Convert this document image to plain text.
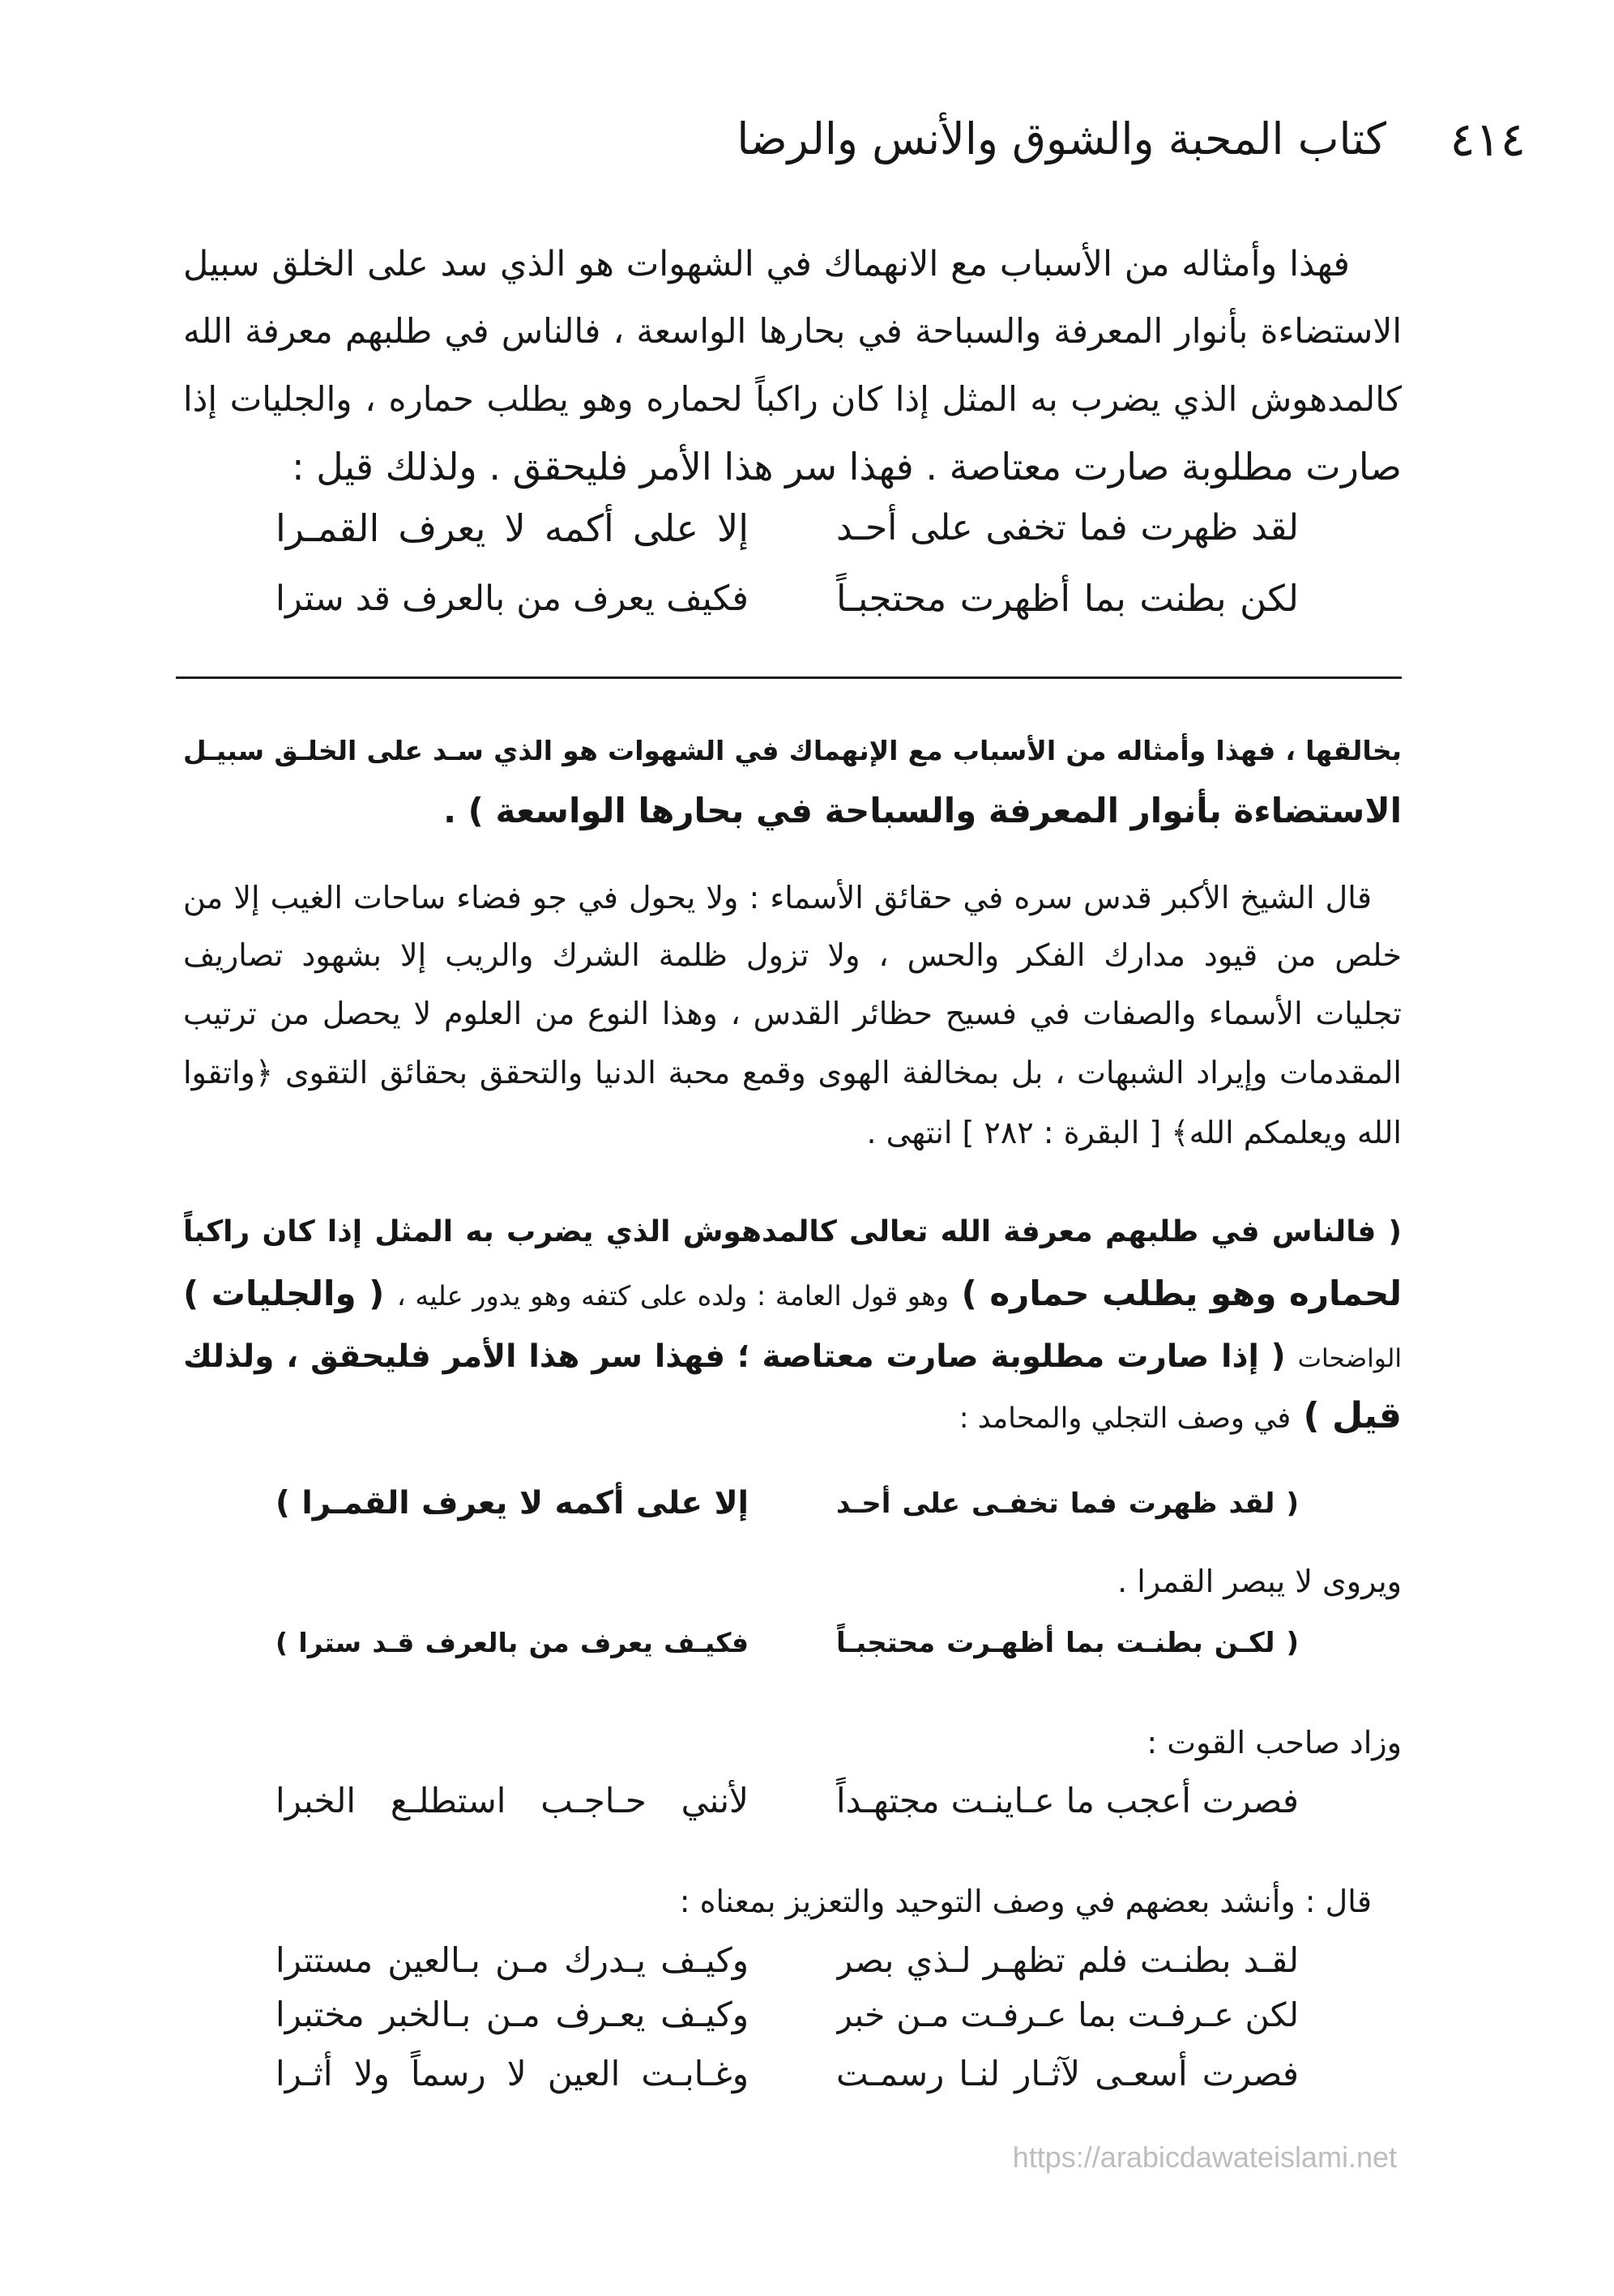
٤١٤
كتاب المحبة والشوق والأنس والرضا
فهذا وأمثاله من الأسباب مع الانهماك في الشهوات هو الذي سد على الخلق سبيل
الاستضاءة بأنوار المعرفة والسباحة في بحارها الواسعة ، فالناس في طلبهم معرفة الله
كالمدهوش الذي يضرب به المثل إذا كان راكباً لحماره وهو يطلب حماره ، والجليات إذا
صارت مطلوبة صارت معتاصة . فهذا سر هذا الأمر فليحقق . ولذلك قيل :
لقد ظهرت فما تخفى على أحـد
إلا على أكمه لا يعرف القمـرا
لكن بطنت بما أظهرت محتجبـاً
فكيف يعرف من بالعرف قد سترا
بخالقها ، فهذا وأمثاله من الأسباب مع الإنهماك في الشهوات هو الذي سـد على الخلـق سبيـل
الاستضاءة بأنوار المعرفة والسباحة في بحارها الواسعة ) .
قال الشيخ الأكبر قدس سره في حقائق الأسماء : ولا يحول في جو فضاء ساحات الغيب إلا من
خلص من قيود مدارك الفكر والحس ، ولا تزول ظلمة الشرك والريب إلا بشهود تصاريف
تجليات الأسماء والصفات في فسيح حظائر القدس ، وهذا النوع من العلوم لا يحصل من ترتيب
المقدمات وإيراد الشبهات ، بل بمخالفة الهوى وقمع محبة الدنيا والتحقق بحقائق التقوى ﴿واتقوا
الله ويعلمكم الله﴾ [ البقرة : ٢٨٢ ] انتهى .
( فالناس في طلبهم معرفة الله تعالى كالمدهوش الذي يضرب به المثل إذا كان راكباً
لحماره وهو يطلب حماره ) وهو قول العامة : ولده على كتفه وهو يدور عليه ، ( والجليات )
الواضحات ( إذا صارت مطلوبة صارت معتاصة ؛ فهذا سر هذا الأمر فليحقق ، ولذلك
قيل ) في وصف التجلي والمحامد :
( لقد ظهرت فما تخفـى على أحـد
إلا على أكمه لا يعرف القمـرا )
ويروى لا يبصر القمرا .
( لكـن بطنـت بما أظهـرت محتجبـاً
فكيـف يعرف من بالعرف قـد سترا )
وزاد صاحب القوت :
فصرت أعجب ما عـاينـت مجتهـداً
لأنني حـاجـب استطلـع الخبرا
قال : وأنشد بعضهم في وصف التوحيد والتعزيز بمعناه :
لقـد بطنـت فلم تظهـر لـذي بصر
وكيـف يـدرك مـن بـالعين مستترا
لكن عـرفـت بما عـرفـت مـن خبر
وكيـف يعـرف مـن بـالخبر مختبرا
فصرت أسعـى لآثـار لنـا رسمـت
وغـابـت العين لا رسماً ولا أثـرا
https://arabicdawateislami.net
